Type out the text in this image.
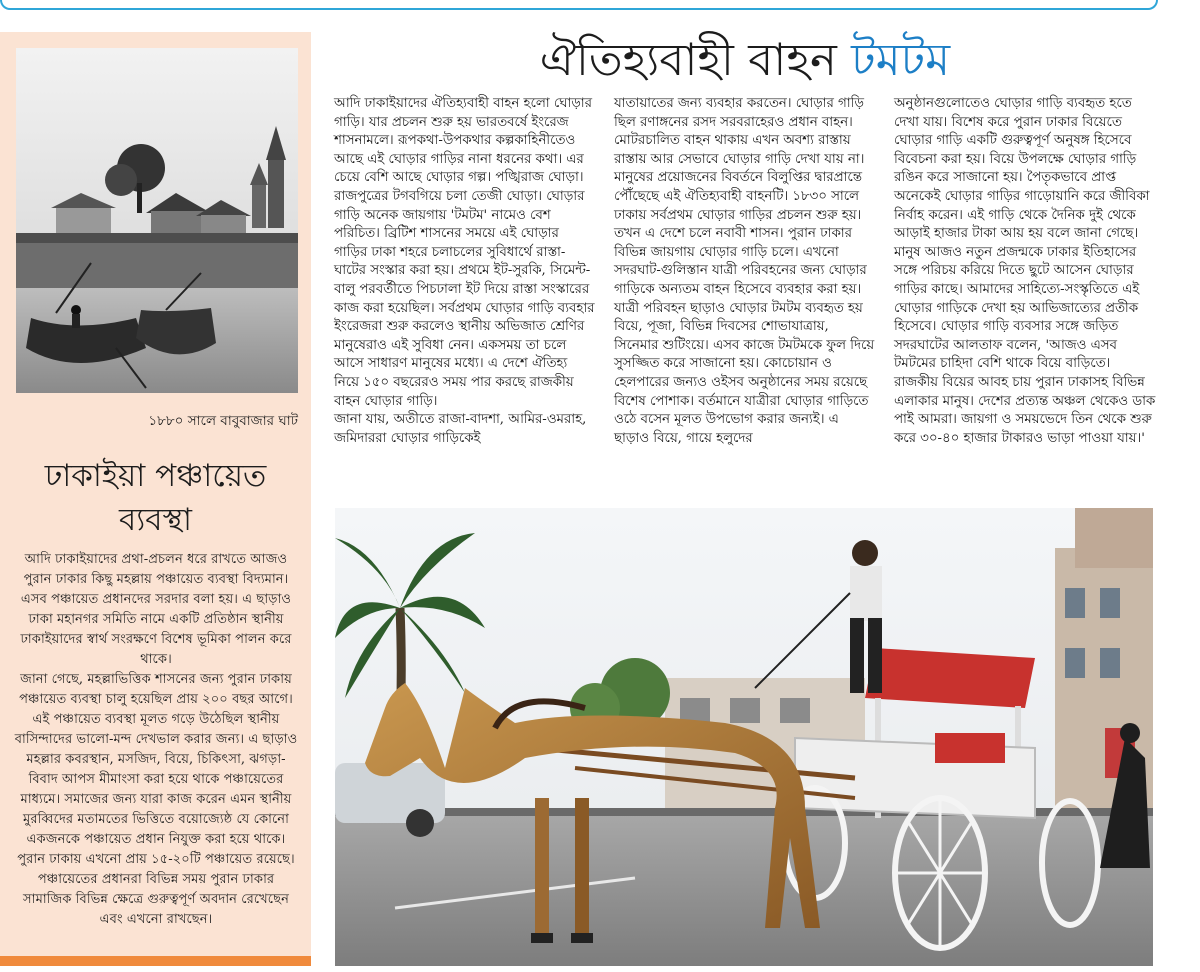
১৮৮০ সালে বাবুবাজার ঘাট
ঢাকাইয়া পঞ্চায়েত
ব্যবস্থা

আদি ঢাকাইয়াদের প্রথা-প্রচলন ধরে রাখতে আজও পুরান ঢাকার কিছু মহল্লায় পঞ্চায়েত ব্যবস্থা বিদ্যমান। এসব পঞ্চায়েত প্রধানদের সরদার বলা হয়। এ ছাড়াও ঢাকা মহানগর সমিতি নামে একটি প্রতিষ্ঠান স্থানীয় ঢাকাইয়াদের স্বার্থ সংরক্ষণে বিশেষ ভূমিকা পালন করে থাকে।

জানা গেছে, মহল্লাভিত্তিক শাসনের জন্য পুরান ঢাকায় পঞ্চায়েত ব্যবস্থা চালু হয়েছিল প্রায় ২০০ বছর আগে। এই পঞ্চায়েত ব্যবস্থা মূলত গড়ে উঠেছিল স্থানীয় বাসিন্দাদের ভালো-মন্দ দেখভাল করার জন্য। এ ছাড়াও মহল্লার কবরস্থান, মসজিদ, বিয়ে, চিকিৎসা, ঝগড়া-বিবাদ আপস মীমাংসা করা হয়ে থাকে পঞ্চায়েতের মাধ্যমে। সমাজের জন্য যারা কাজ করেন এমন স্থানীয় মুরব্বিদের মতামতের ভিত্তিতে বয়োজ্যেষ্ঠ যে কোনো একজনকে পঞ্চায়েত প্রধান নিযুক্ত করা হয়ে থাকে। পুরান ঢাকায় এখনো প্রায় ১৫-২০টি পঞ্চায়েত রয়েছে।

পঞ্চায়েতের প্রধানরা বিভিন্ন সময় পুরান ঢাকার সামাজিক বিভিন্ন ক্ষেত্রে গুরুত্বপূর্ণ অবদান রেখেছেন এবং এখনো রাখছেন।

ঐতিহ্যবাহী বাহন টমটম

আদি ঢাকাইয়াদের ঐতিহ্যবাহী বাহন হলো ঘোড়ার গাড়ি। যার প্রচলন শুরু হয় ভারতবর্ষে ইংরেজ শাসনামলে। রূপকথা-উপকথার কল্পকাহিনীতেও আছে এই ঘোড়ার গাড়ির নানা ধরনের কথা। এর চেয়ে বেশি আছে ঘোড়ার গল্প। পঙ্খিরাজ ঘোড়া। রাজপুত্রের টগবগিয়ে চলা তেজী ঘোড়া। ঘোড়ার গাড়ি অনেক জায়গায় 'টমটম' নামেও বেশ পরিচিত। ব্রিটিশ শাসনের সময়ে এই ঘোড়ার গাড়ির ঢাকা শহরে চলাচলের সুবিধার্থে রাস্তা-ঘাটের সংস্কার করা হয়। প্রথমে ইট-সুরকি, সিমেন্ট-বালু পরবর্তীতে পিচঢালা ইট দিয়ে রাস্তা সংস্কারের কাজ করা হয়েছিল। সর্বপ্রথম ঘোড়ার গাড়ি ব্যবহার ইংরেজরা শুরু করলেও স্থানীয় অভিজাত শ্রেণির মানুষেরাও এই সুবিধা নেন। একসময় তা চলে আসে সাধারণ মানুষের মধ্যে। এ দেশে ঐতিহ্য নিয়ে ১৫০ বছরেরও সময় পার করছে রাজকীয় বাহন ঘোড়ার গাড়ি।

জানা যায়, অতীতে রাজা-বাদশা, আমির-ওমরাহ, জমিদাররা ঘোড়ার গাড়িকেই

যাতায়াতের জন্য ব্যবহার করতেন। ঘোড়ার গাড়ি ছিল রণাঙ্গনের রসদ সরবরাহেরও প্রধান বাহন। মোটরচালিত বাহন থাকায় এখন অবশ্য রাস্তায় রাস্তায় আর সেভাবে ঘোড়ার গাড়ি দেখা যায় না। মানুষের প্রয়োজনের বিবর্তনে বিলুপ্তির দ্বারপ্রান্তে পৌঁছেছে এই ঐতিহ্যবাহী বাহনটি। ১৮৩০ সালে ঢাকায় সর্বপ্রথম ঘোড়ার গাড়ির প্রচলন শুরু হয়। তখন এ দেশে চলে নবাবী শাসন। পুরান ঢাকার বিভিন্ন জায়গায় ঘোড়ার গাড়ি চলে। এখনো সদরঘাট-গুলিস্তান যাত্রী পরিবহনের জন্য ঘোড়ার গাড়িকে অন্যতম বাহন হিসেবে ব্যবহার করা হয়। যাত্রী পরিবহন ছাড়াও ঘোড়ার টমটম ব্যবহৃত হয় বিয়ে, পূজা, বিভিন্ন দিবসের শোভাযাত্রায়, সিনেমার শুটিংয়ে। এসব কাজে টমটমকে ফুল দিয়ে সুসজ্জিত করে সাজানো হয়। কোচোয়ান ও হেলপারের জন্যও ওইসব অনুষ্ঠানের সময় রয়েছে বিশেষ পোশাক। বর্তমানে যাত্রীরা ঘোড়ার গাড়িতে ওঠে বসেন মূলত উপভোগ করার জন্যই। এ ছাড়াও বিয়ে, গায়ে হলুদের

অনুষ্ঠানগুলোতেও ঘোড়ার গাড়ি ব্যবহৃত হতে দেখা যায়। বিশেষ করে পুরান ঢাকার বিয়েতে ঘোড়ার গাড়ি একটি গুরুত্বপূর্ণ অনুষঙ্গ হিসেবে বিবেচনা করা হয়। বিয়ে উপলক্ষে ঘোড়ার গাড়ি রঙিন করে সাজানো হয়। পৈতৃকভাবে প্রাপ্ত অনেকেই ঘোড়ার গাড়ির গাড়োয়ানি করে জীবিকা নির্বাহ করেন। এই গাড়ি থেকে দৈনিক দুই থেকে আড়াই হাজার টাকা আয় হয় বলে জানা গেছে। মানুষ আজও নতুন প্রজন্মকে ঢাকার ইতিহাসের সঙ্গে পরিচয় করিয়ে দিতে ছুটে আসেন ঘোড়ার গাড়ির কাছে। আমাদের সাহিত্যে-সংস্কৃতিতে এই ঘোড়ার গাড়িকে দেখা হয় আভিজাত্যের প্রতীক হিসেবে। ঘোড়ার গাড়ি ব্যবসার সঙ্গে জড়িত সদরঘাটের আলতাফ বলেন, 'আজও এসব টমটমের চাহিদা বেশি থাকে বিয়ে বাড়িতে। রাজকীয় বিয়ের আবহ চায় পুরান ঢাকাসহ বিভিন্ন এলাকার মানুষ। দেশের প্রত্যন্ত অঞ্চল থেকেও ডাক পাই আমরা। জায়গা ও সময়ভেদে তিন থেকে শুরু করে ৩০-৪০ হাজার টাকারও ভাড়া পাওয়া যায়।'
